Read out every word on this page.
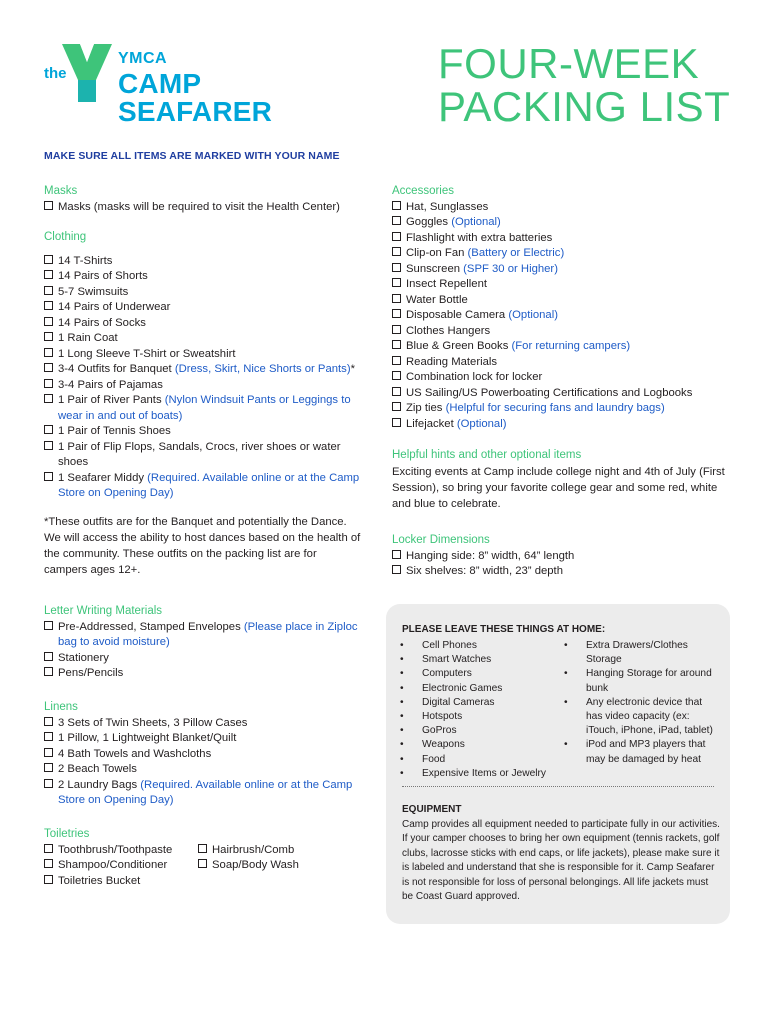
the
YMCA
CAMP SEAFARER
FOUR-WEEK
PACKING LIST
MAKE SURE ALL ITEMS ARE MARKED WITH YOUR NAME
Masks
Masks (masks will be required to visit the Health Center)
Clothing
14 T-Shirts
14 Pairs of Shorts
5-7 Swimsuits
14 Pairs of Underwear
14 Pairs of Socks
1 Rain Coat
1 Long Sleeve T-Shirt or Sweatshirt
3-4 Outfits for Banquet (Dress, Skirt, Nice Shorts or Pants)*
3-4 Pairs of Pajamas
1 Pair of River Pants (Nylon Windsuit Pants or Leggings to wear in and out of boats)
1 Pair of Tennis Shoes
1 Pair of Flip Flops, Sandals, Crocs, river shoes or water shoes
1 Seafarer Middy (Required. Available online or at the Camp Store on Opening Day)
*These outfits are for the Banquet and potentially the Dance. We will access the ability to host dances based on the health of the community. These outfits on the packing list are for campers ages 12+.
Letter Writing Materials
Pre-Addressed, Stamped Envelopes (Please place in Ziploc bag to avoid moisture)
Stationery
Pens/Pencils
Linens
3 Sets of Twin Sheets, 3 Pillow Cases
1 Pillow, 1 Lightweight Blanket/Quilt
4 Bath Towels and Washcloths
2 Beach Towels
2 Laundry Bags (Required. Available online or at the Camp Store on Opening Day)
Toiletries
Toothbrush/Toothpaste
Shampoo/Conditioner
Toiletries Bucket
Hairbrush/Comb
Soap/Body Wash
Accessories
Hat, Sunglasses
Goggles (Optional)
Flashlight with extra batteries
Clip-on Fan (Battery or Electric)
Sunscreen (SPF 30 or Higher)
Insect Repellent
Water Bottle
Disposable Camera (Optional)
Clothes Hangers
Blue & Green Books (For returning campers)
Reading Materials
Combination lock for locker
US Sailing/US Powerboating Certifications and Logbooks
Zip ties (Helpful for securing fans and laundry bags)
Lifejacket (Optional)
Helpful hints and other optional items
Exciting events at Camp include college night and 4th of July (First Session), so bring your favorite college gear and some red, white and blue to celebrate.
Locker Dimensions
Hanging side: 8” width, 64” length
Six shelves: 8” width, 23” depth
PLEASE LEAVE THESE THINGS AT HOME:
• Cell Phones
• Smart Watches
• Computers
• Electronic Games
• Digital Cameras
• Hotspots
• GoPros
• Weapons
• Food
• Expensive Items or Jewelry
• Extra Drawers/Clothes Storage
• Hanging Storage for around bunk
• Any electronic device that has video capacity (ex: iTouch, iPhone, iPad, tablet)
• iPod and MP3 players that may be damaged by heat
EQUIPMENT
Camp provides all equipment needed to participate fully in our activities. If your camper chooses to bring her own equipment (tennis rackets, golf clubs, lacrosse sticks with end caps, or life jackets), please make sure it is labeled and understand that she is responsible for it. Camp Seafarer is not responsible for loss of personal belongings. All life jackets must be Coast Guard approved.
